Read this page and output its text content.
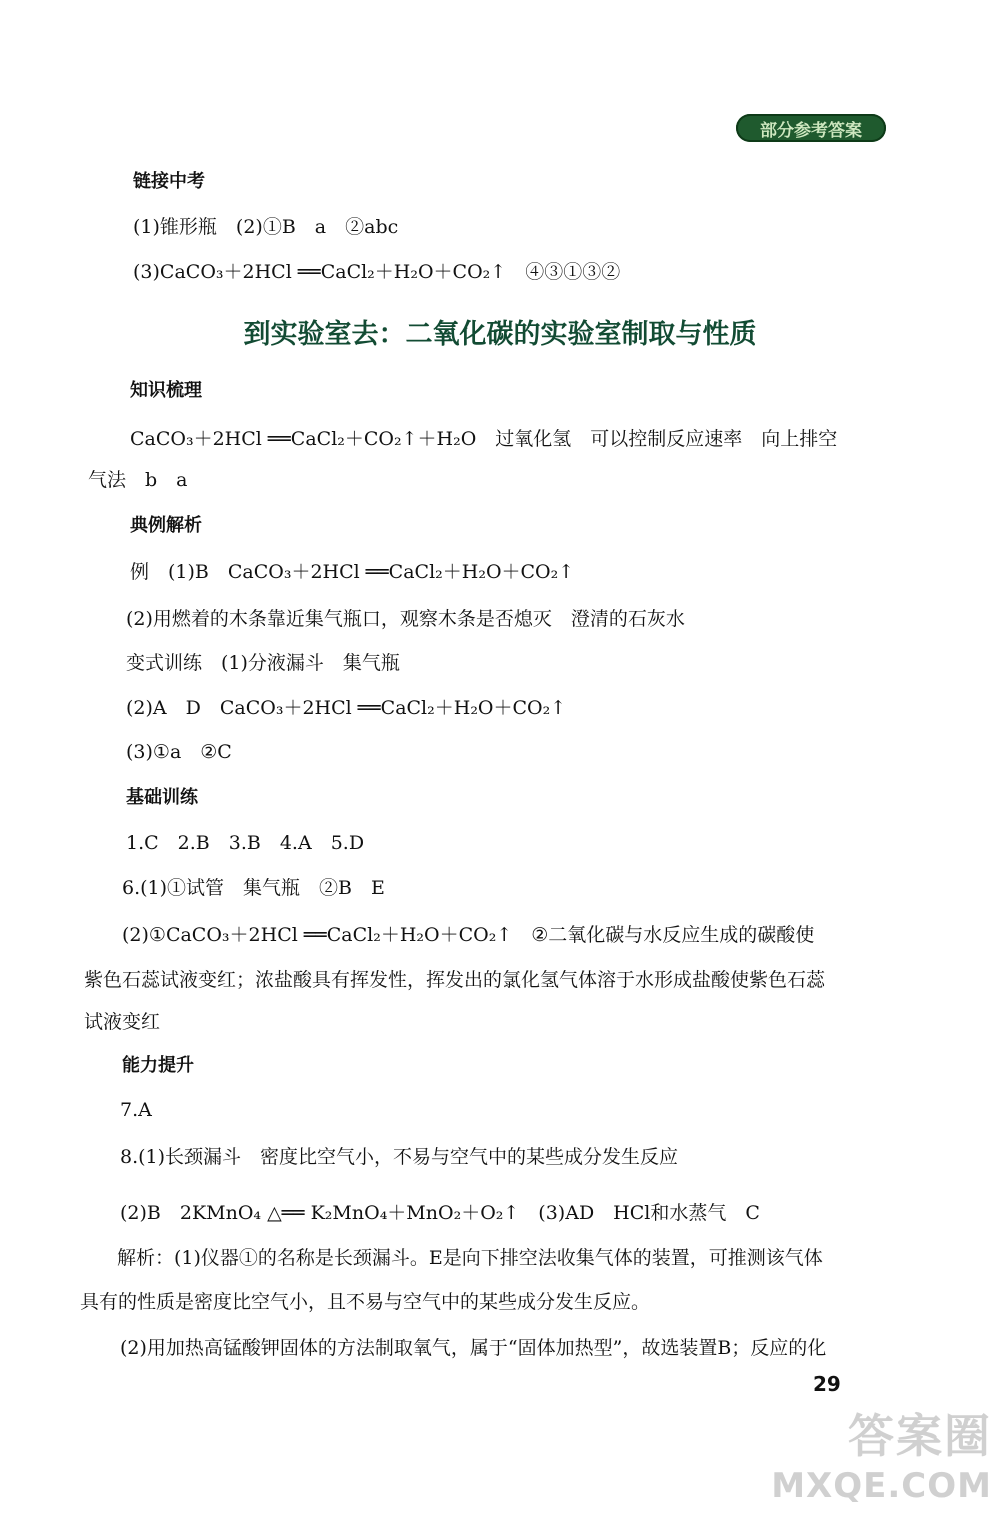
部分参考答案
链接中考
(1)锥形瓶　(2)①B　a　②abc
(3)CaCO₃＋2HCl ══CaCl₂＋H₂O＋CO₂↑　④③①③②
到实验室去：二氧化碳的实验室制取与性质
知识梳理
CaCO₃＋2HCl ══CaCl₂＋CO₂↑＋H₂O　过氧化氢　可以控制反应速率　向上排空
气法　b　a
典例解析
例　(1)B　CaCO₃＋2HCl ══CaCl₂＋H₂O＋CO₂↑
(2)用燃着的木条靠近集气瓶口，观察木条是否熄灭　澄清的石灰水
变式训练　(1)分液漏斗　集气瓶
(2)A　D　CaCO₃＋2HCl ══CaCl₂＋H₂O＋CO₂↑
(3)①a　②C
基础训练
1.C　2.B　3.B　4.A　5.D
6.(1)①试管　集气瓶　②B　E
(2)①CaCO₃＋2HCl ══CaCl₂＋H₂O＋CO₂↑　②二氧化碳与水反应生成的碳酸使
紫色石蕊试液变红；浓盐酸具有挥发性，挥发出的氯化氢气体溶于水形成盐酸使紫色石蕊
试液变红
能力提升
7.A
8.(1)长颈漏斗　密度比空气小，不易与空气中的某些成分发生反应
(2)B　2KMnO₄ △══ K₂MnO₄＋MnO₂＋O₂↑　(3)AD　HCl和水蒸气　C
解析：(1)仪器①的名称是长颈漏斗。E是向下排空法收集气体的装置，可推测该气体
具有的性质是密度比空气小，且不易与空气中的某些成分发生反应。
(2)用加热高锰酸钾固体的方法制取氧气，属于“固体加热型”，故选装置B；反应的化
29
答案圈
MXQE.COM
